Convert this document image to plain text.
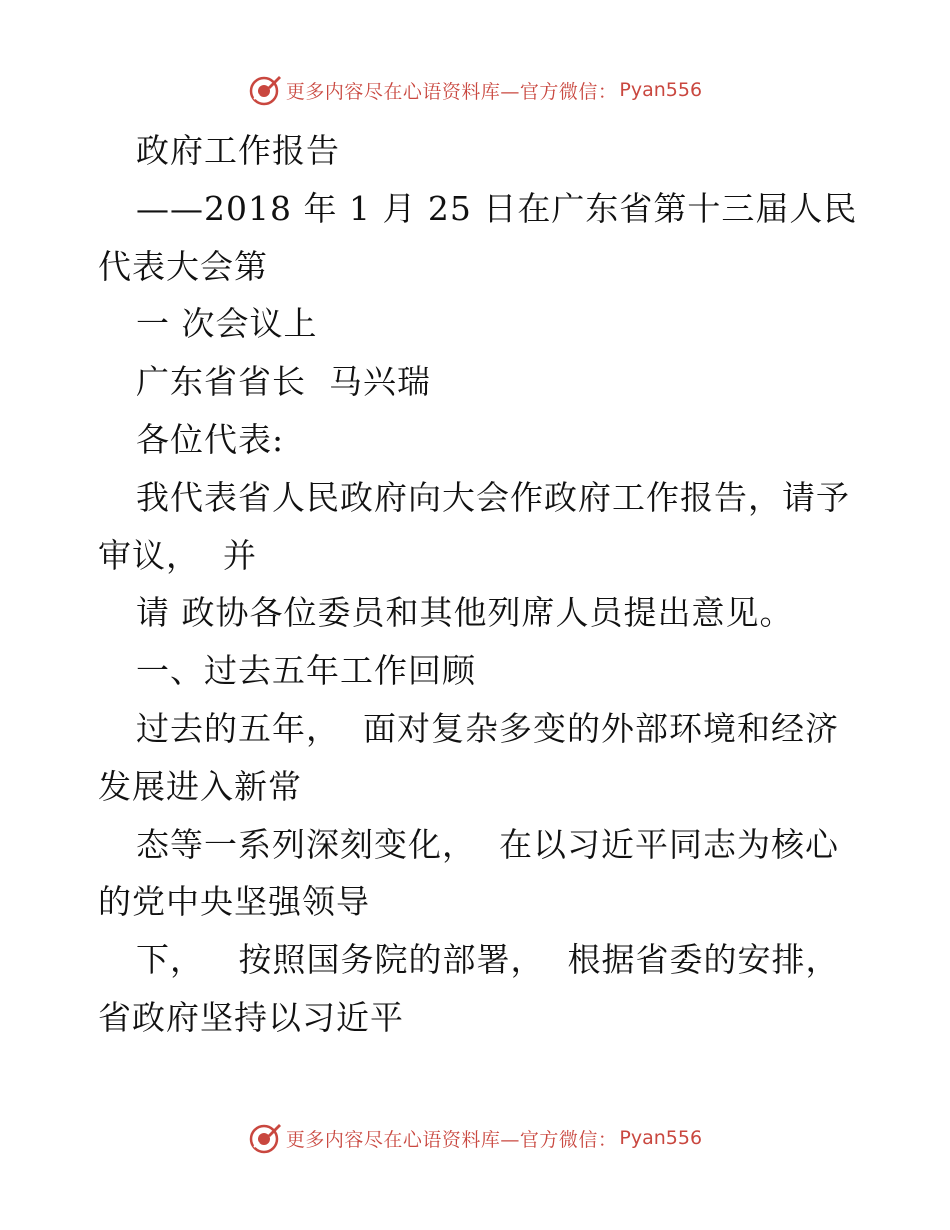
更多内容尽在心语资料库—官方微信： Pyan556
政府工作报告
——2018 年 1 月 25 日在广东省第十三届人民
代表大会第
一 次会议上
广东省省长  马兴瑞
各位代表:
我代表省人民政府向大会作政府工作报告，请予
审议，  并
请 政协各位委员和其他列席人员提出意见。
一、过去五年工作回顾
过去的五年，  面对复杂多变的外部环境和经济
发展进入新常
态等一系列深刻变化，  在以习近平同志为核心
的党中央坚强领导
下，   按照国务院的部署，  根据省委的安排，
省政府坚持以习近平
更多内容尽在心语资料库—官方微信： Pyan556
